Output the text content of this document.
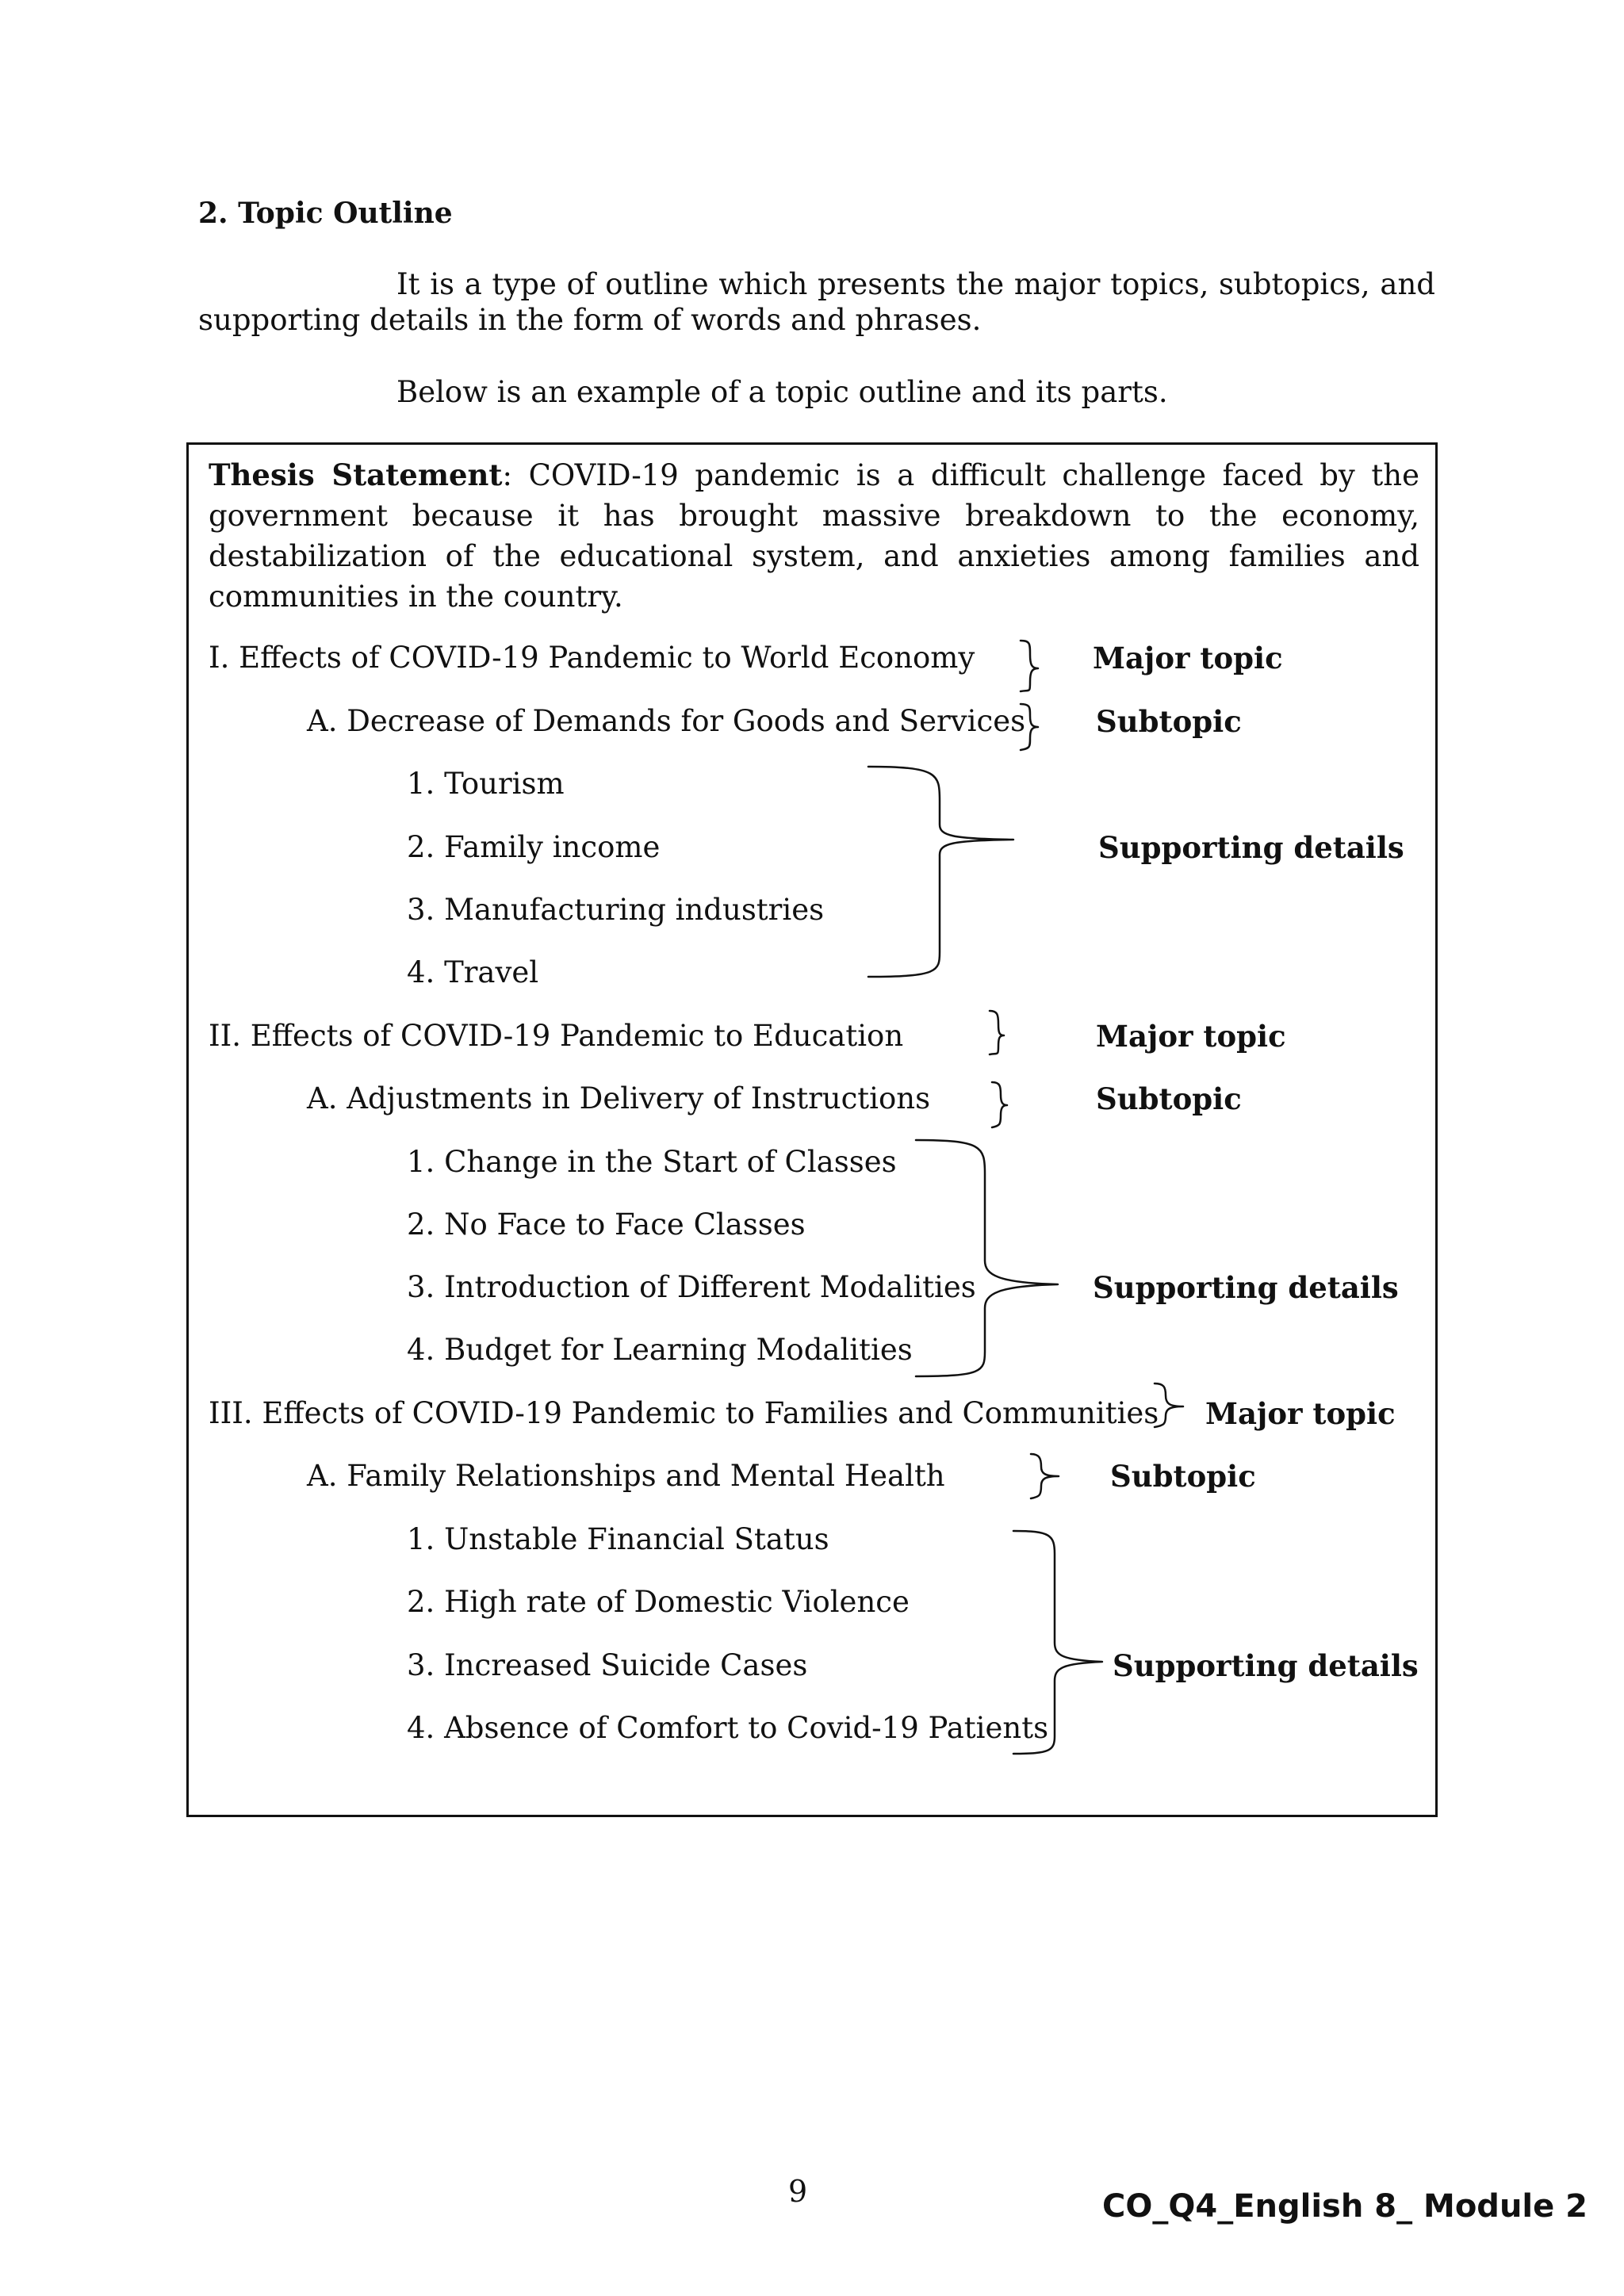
2. Topic Outline
It is a type of outline which presents the major topics, subtopics, and supporting details in the form of words and phrases.
Below is an example of a topic outline and its parts.
Thesis Statement: COVID-19 pandemic is a difficult challenge faced by the government because it has brought massive breakdown to the economy, destabilization of the educational system, and anxieties among families and communities in the country.
I. Effects of COVID-19 Pandemic to World Economy
A. Decrease of Demands for Goods and Services
1. Tourism
2. Family income
3. Manufacturing industries
4. Travel
Major topic
Subtopic
Supporting details
II. Effects of COVID-19 Pandemic to Education
A. Adjustments in Delivery of Instructions
1. Change in the Start of Classes
2. No Face to Face Classes
3. Introduction of Different Modalities
4. Budget for Learning Modalities
Major topic
Subtopic
Supporting details
III. Effects of COVID-19 Pandemic to Families and Communities
A. Family Relationships and Mental Health
1. Unstable Financial Status
2. High rate of Domestic Violence
3. Increased Suicide Cases
4. Absence of Comfort to Covid-19 Patients
Major topic
Subtopic
Supporting details
9	CO_Q4_English 8_ Module 2
